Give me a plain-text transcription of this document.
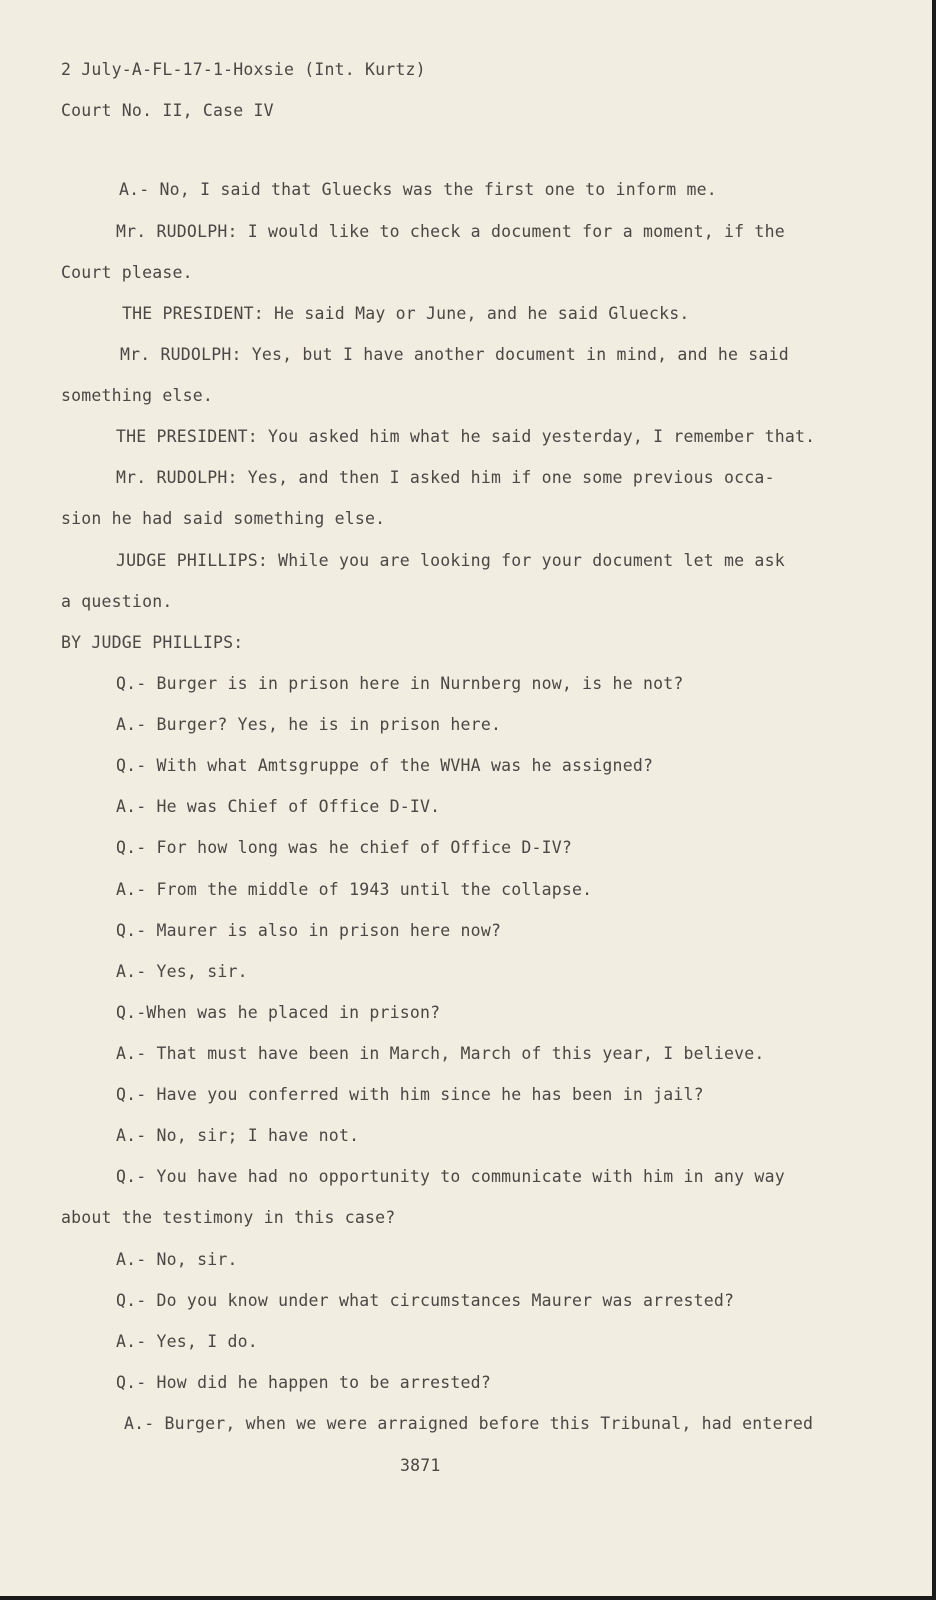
2 July-A-FL-17-1-Hoxsie (Int. Kurtz)
Court No. II, Case IV
A.- No, I said that Gluecks was the first one to inform me.
Mr. RUDOLPH: I would like to check a document for a moment, if the
Court please.
THE PRESIDENT: He said May or June, and he said Gluecks.
Mr. RUDOLPH: Yes, but I have another document in mind, and he said
something else.
THE PRESIDENT: You asked him what he said yesterday, I remember that.
Mr. RUDOLPH: Yes, and then I asked him if one some previous occa-
sion he had said something else.
JUDGE PHILLIPS: While you are looking for your document let me ask
a question.
BY JUDGE PHILLIPS:
Q.- Burger is in prison here in Nurnberg now, is he not?
A.- Burger? Yes, he is in prison here.
Q.- With what Amtsgruppe of the WVHA was he assigned?
A.- He was Chief of Office D-IV.
Q.- For how long was he chief of Office D-IV?
A.- From the middle of 1943 until the collapse.
Q.- Maurer is also in prison here now?
A.- Yes, sir.
Q.-When was he placed in prison?
A.- That must have been in March, March of this year, I believe.
Q.- Have you conferred with him since he has been in jail?
A.- No, sir; I have not.
Q.- You have had no opportunity to communicate with him in any way
about the testimony in this case?
A.- No, sir.
Q.- Do you know under what circumstances Maurer was arrested?
A.- Yes, I do.
Q.- How did he happen to be arrested?
A.- Burger, when we were arraigned before this Tribunal, had entered
3871
